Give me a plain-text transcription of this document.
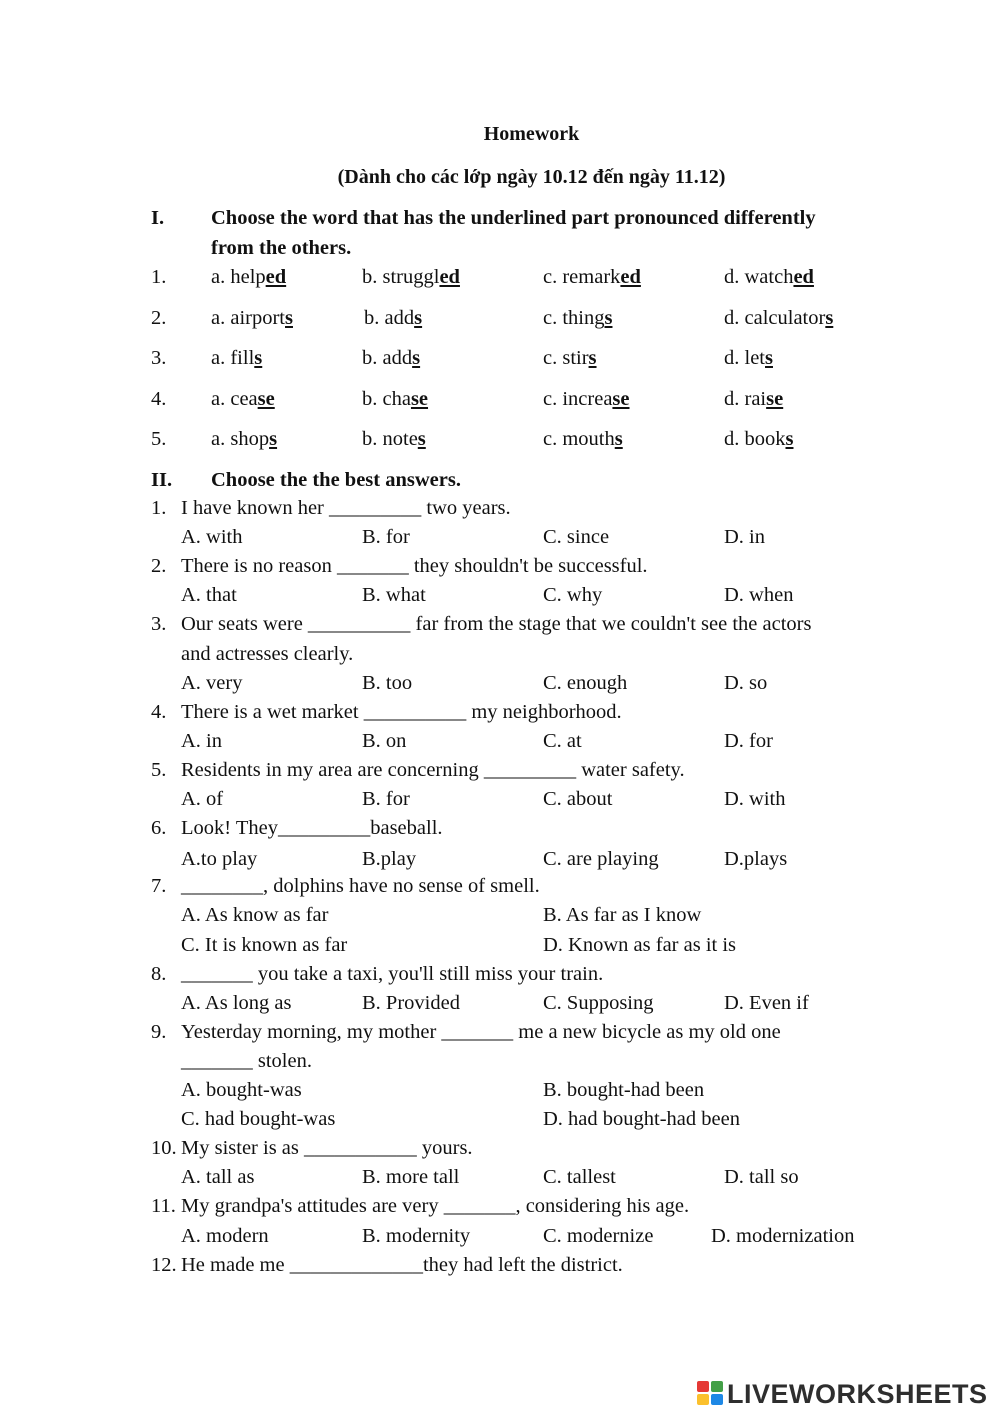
Homework
(Dành cho các lớp ngày 10.12 đến ngày 11.12)
I. Choose the word that has the underlined part pronounced differently
from the others.
1. a. helped	b. struggled	c. remarked	d. watched
2. a. airports	b. adds	c. things	d. calculators
3. a. fills	b. adds	c. stirs	d. lets
4. a. cease	b. chase	c. increase	d. raise
5. a. shops	b. notes	c. mouths	d. books
II. Choose the the best answers.
1. I have known her _________ two years.
A. with	B. for	C. since	D. in
2. There is no reason _______ they shouldn't be successful.
A. that	B. what	C. why	D. when
3. Our seats were __________ far from the stage that we couldn't see the actors
and actresses clearly.
A. very	B. too	C. enough	D. so
4. There is a wet market __________ my neighborhood.
A. in	B. on	C. at	D. for
5. Residents in my area are concerning _________ water safety.
A. of	B. for	C. about	D. with
6. Look! They_________baseball.
A.to play	B.play	C. are playing	D.plays
7. ________, dolphins have no sense of smell.
A. As know as far	B. As far as I know
C. It is known as far	D. Known as far as it is
8. _______ you take a taxi, you'll still miss your train.
A. As long as	B. Provided	C. Supposing	D. Even if
9. Yesterday morning, my mother _______ me a new bicycle as my old one
_______ stolen.
A. bought-was	B. bought-had been
C. had bought-was	D. had bought-had been
10. My sister is as ___________ yours.
A. tall as	B. more tall	C. tallest	D. tall so
11. My grandpa's attitudes are very _______, considering his age.
A. modern	B. modernity	C. modernize	D. modernization
12. He made me _____________they had left the district.
LIVEWORKSHEETS
